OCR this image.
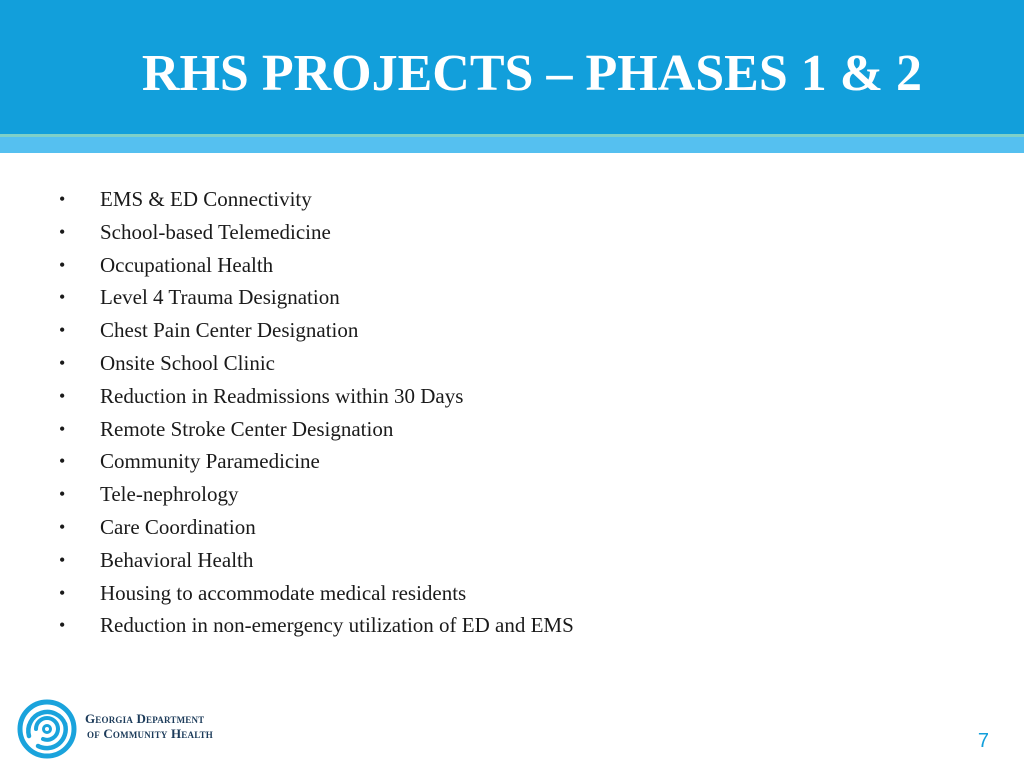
RHS PROJECTS – PHASES 1 & 2
• EMS & ED Connectivity
• School-based Telemedicine
• Occupational Health
• Level 4 Trauma Designation
• Chest Pain Center Designation
• Onsite School Clinic
• Reduction in Readmissions within 30 Days
• Remote Stroke Center Designation
• Community Paramedicine
• Tele-nephrology
• Care Coordination
• Behavioral Health
• Housing to accommodate medical residents
• Reduction in non-emergency utilization of ED and EMS
Georgia Department
of Community Health	7
